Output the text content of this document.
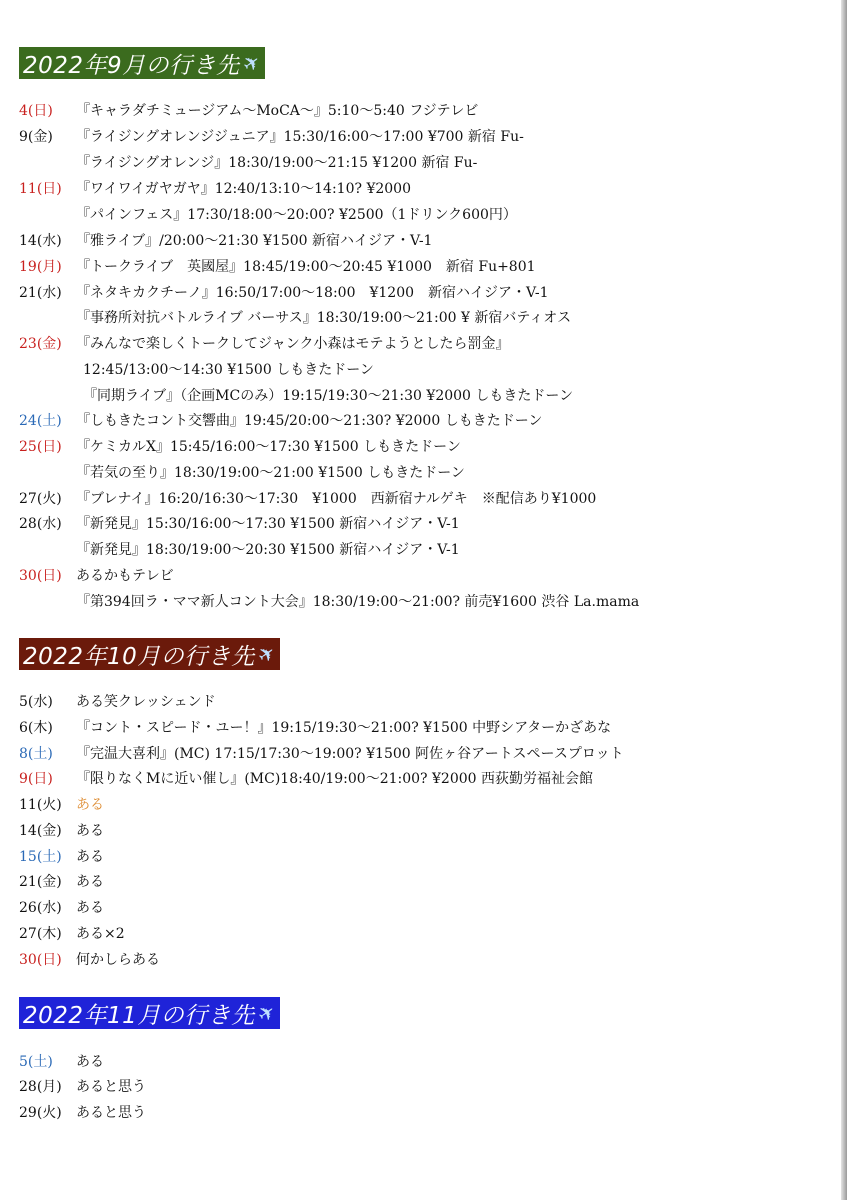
2022年9月の行き先
✈
4(日)	『キャラダチミュージアム〜MoCA〜』5:10〜5:40 フジテレビ
9(金)	『ライジングオレンジジュニア』15:30/16:00〜17:00 ¥700 新宿 Fu-
『ライジングオレンジ』18:30/19:00〜21:15 ¥1200 新宿 Fu-
11(日)	『ワイワイガヤガヤ』12:40/13:10〜14:10? ¥2000
『パインフェス』17:30/18:00〜20:00? ¥2500（1ドリンク600円）
14(水)	『雅ライブ』/20:00〜21:30 ¥1500 新宿ハイジア・V-1
19(月)	『トークライブ　英國屋』18:45/19:00〜20:45 ¥1000　新宿 Fu+801
21(水)	『ネタキカクチーノ』16:50/17:00〜18:00　¥1200　新宿ハイジア・V-1
『事務所対抗バトルライブ バーサス』18:30/19:00〜21:00 ¥ 新宿バティオス
23(金)	『みんなで楽しくトークしてジャンク小森はモテようとしたら罰金』
12:45/13:00〜14:30 ¥1500 しもきたドーン
『同期ライブ』（企画MCのみ）19:15/19:30〜21:30 ¥2000 しもきたドーン
24(土)	『しもきたコント交響曲』19:45/20:00〜21:30? ¥2000 しもきたドーン
25(日)	『ケミカルX』15:45/16:00〜17:30 ¥1500 しもきたドーン
『若気の至り』18:30/19:00〜21:00 ¥1500 しもきたドーン
27(火)	『ブレナイ』16:20/16:30〜17:30　¥1000　西新宿ナルゲキ　※配信あり¥1000
28(水)	『新発見』15:30/16:00〜17:30 ¥1500 新宿ハイジア・V-1
『新発見』18:30/19:00〜20:30 ¥1500 新宿ハイジア・V-1
30(日)	あるかもテレビ
『第394回ラ・ママ新人コント大会』18:30/19:00〜21:00? 前売¥1600 渋谷 La.mama
2022年10月の行き先
✈
5(水)	ある笑クレッシェンド
6(木)	『コント・スピード・ユー！』19:15/19:30〜21:00? ¥1500 中野シアターかざあな
8(土)	『完温大喜利』(MC) 17:15/17:30〜19:00? ¥1500 阿佐ヶ谷アートスペースプロット
9(日)	『限りなくMに近い催し』(MC)18:40/19:00〜21:00? ¥2000 西荻勤労福祉会館
11(火)	ある
14(金)	ある
15(土)	ある
21(金)	ある
26(水)	ある
27(木)	ある×2
30(日)	何かしらある
2022年11月の行き先
✈
5(土)	ある
28(月)	あると思う
29(火)	あると思う
